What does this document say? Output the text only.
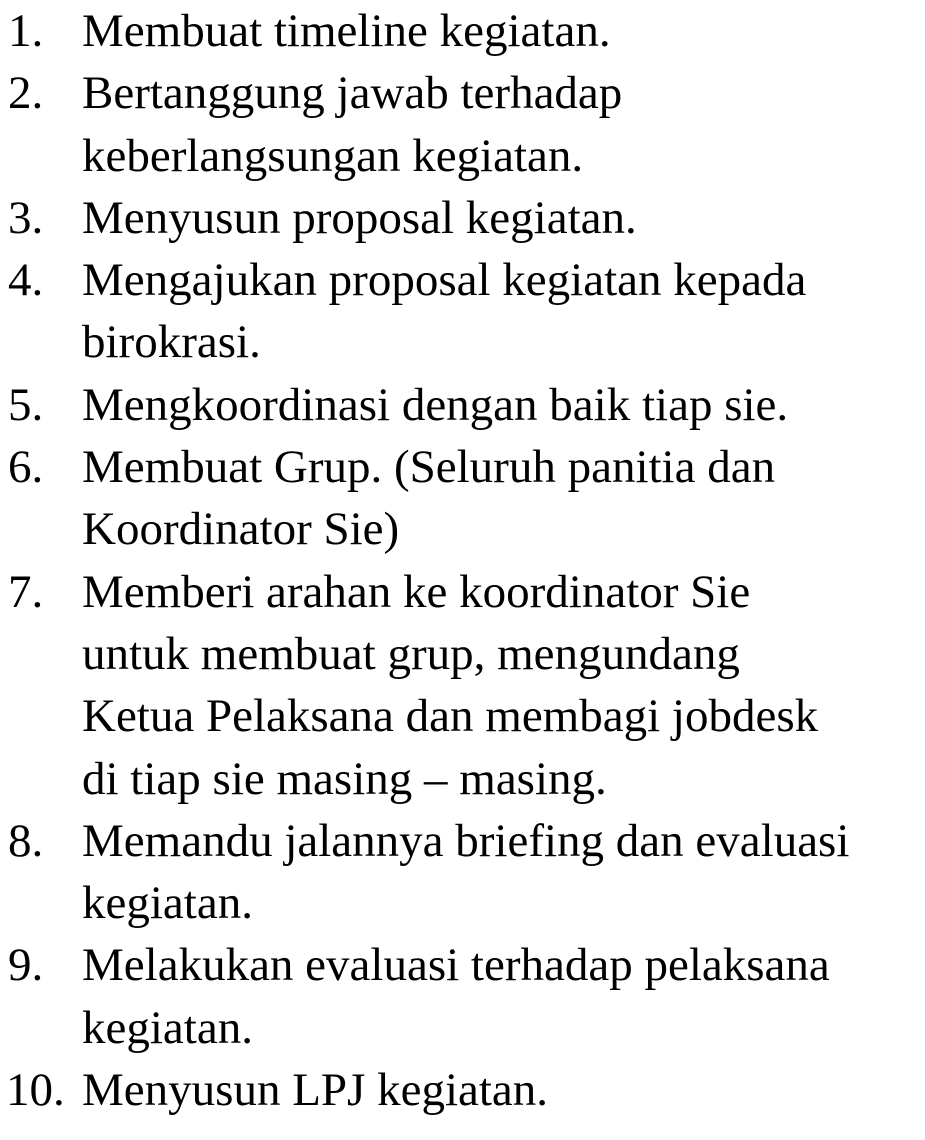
1. Membuat timeline kegiatan.
2. Bertanggung jawab terhadap
keberlangsungan kegiatan.
3. Menyusun proposal kegiatan.
4. Mengajukan proposal kegiatan kepada
birokrasi.
5. Mengkoordinasi dengan baik tiap sie.
6. Membuat Grup. (Seluruh panitia dan
Koordinator Sie)
7. Memberi arahan ke koordinator Sie
untuk membuat grup, mengundang
Ketua Pelaksana dan membagi jobdesk
di tiap sie masing – masing.
8. Memandu jalannya briefing dan evaluasi
kegiatan.
9. Melakukan evaluasi terhadap pelaksana
kegiatan.
10. Menyusun LPJ kegiatan.
